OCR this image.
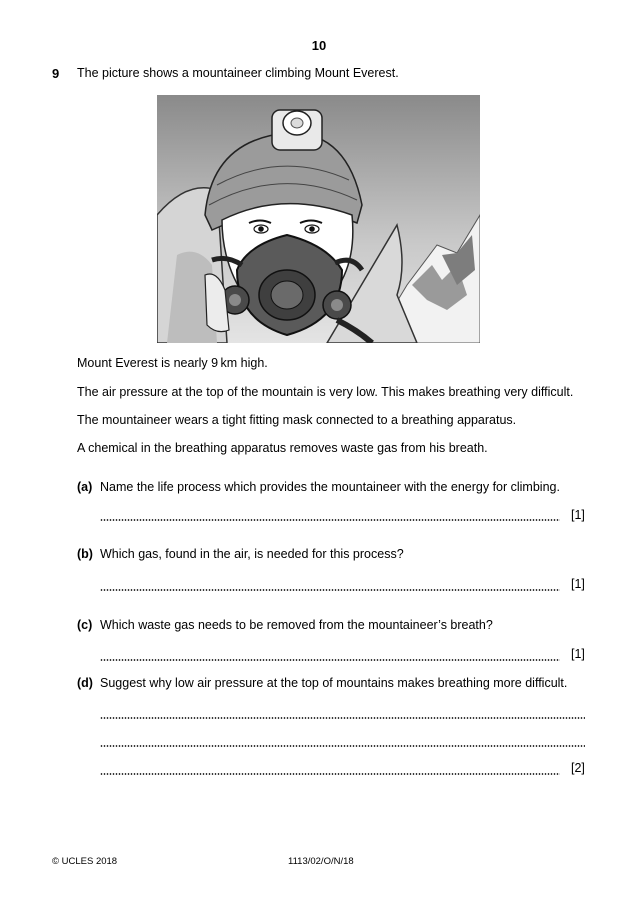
10
9 The picture shows a mountaineer climbing Mount Everest.
Mount Everest is nearly 9 km high.
The air pressure at the top of the mountain is very low. This makes breathing very difficult.
The mountaineer wears a tight fitting mask connected to a breathing apparatus.
A chemical in the breathing apparatus removes waste gas from his breath.
(a) Name the life process which provides the mountaineer with the energy for climbing.
[1]
(b) Which gas, found in the air, is needed for this process?
[1]
(c) Which waste gas needs to be removed from the mountaineer’s breath?
[1]
(d) Suggest why low air pressure at the top of mountains makes breathing more difficult.
[2]
© UCLES 2018	1113/02/O/N/18
